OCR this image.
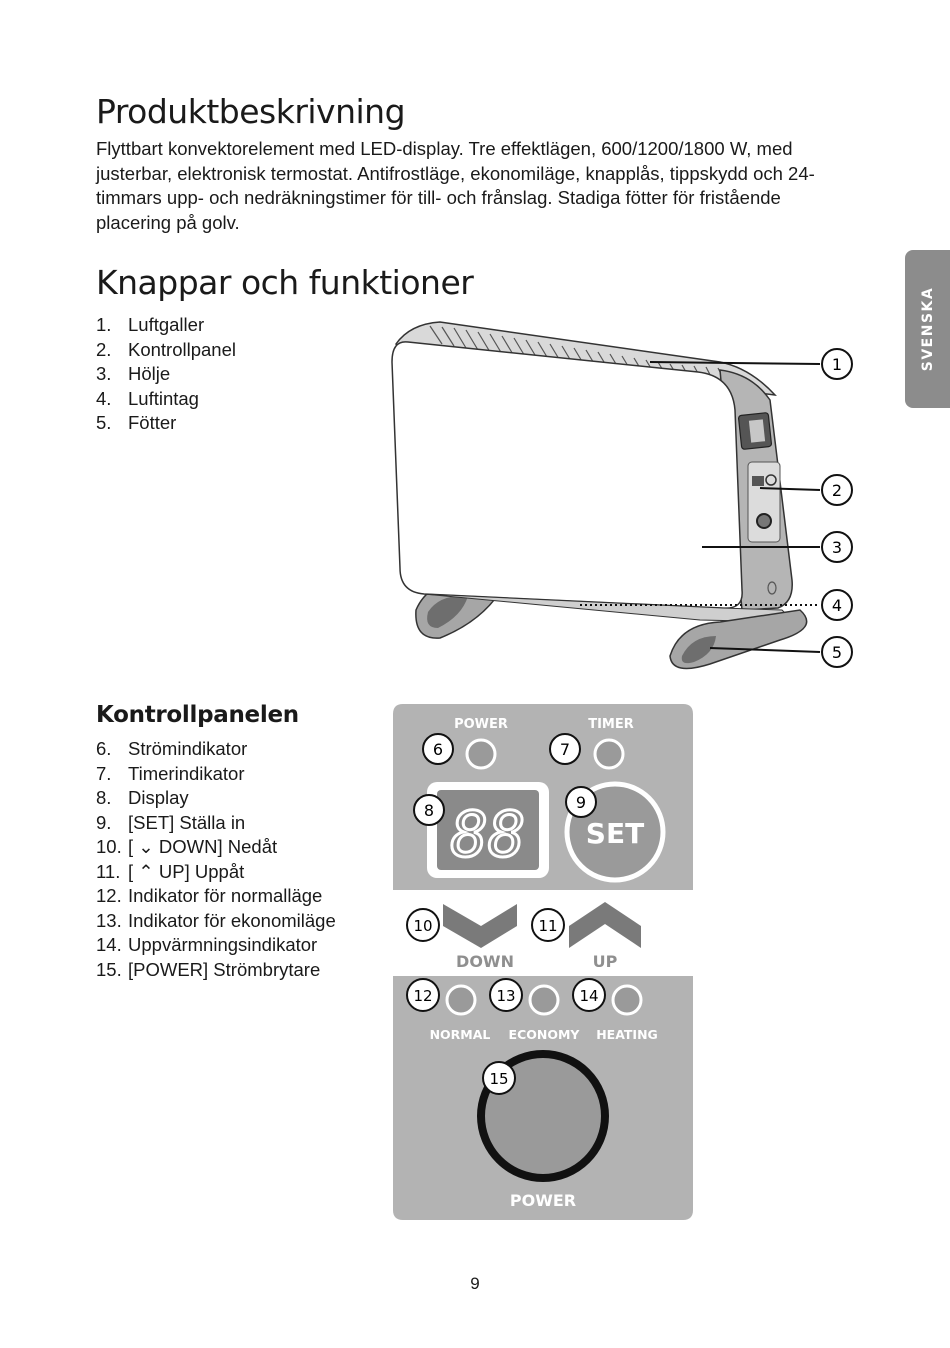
Produktbeskrivning

Flyttbart konvektorelement med LED-display. Tre effektlägen, 600/1200/1800 W, med justerbar, elektronisk termostat. Antifrostläge, ekonomiläge, knapplås, tippskydd och 24-timmars upp- och nedräkningstimer för till- och frånslag. Stadiga fötter för fristående placering på golv.

Knappar och funktioner
1. Luftgaller
2. Kontrollpanel
3. Hölje
4. Luftintag
5. Fötter
SVENSKA
1
2
3
4
5
Kontrollpanelen
6. Strömindikator
7. Timerindikator
8. Display
9. [SET] Ställa in
10. [ ⌄ DOWN] Nedåt
11. [ ⌃ UP] Uppåt
12. Indikator för normalläge
13. Indikator för ekonomiläge
14. Uppvärmningsindikator
15. [POWER] Strömbrytare
POWER	TIMER
88 SET
DOWN	UP
NORMAL ECONOMY HEATING
POWER
6	7
8	9
10	11
12	13	14
15
9
